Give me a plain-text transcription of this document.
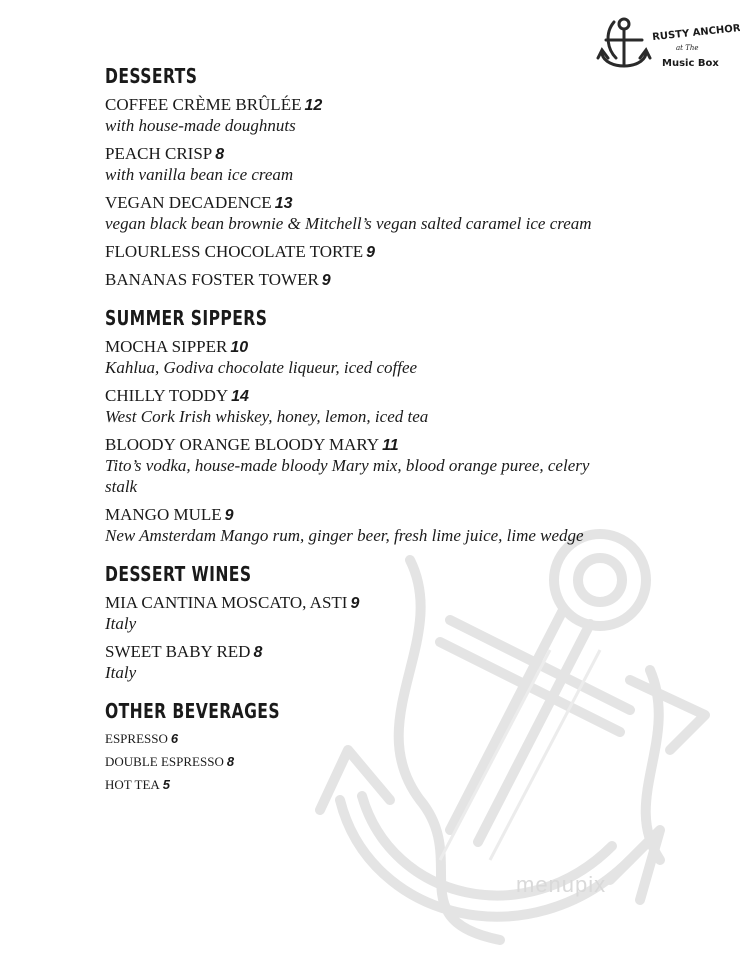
RUSTY ANCHOR
at The
Music Box
menupix
DESSERTS
COFFEE CRÈME BRÛLÉE 12
with house-made doughnuts
PEACH CRISP 8
with vanilla bean ice cream
VEGAN DECADENCE 13
vegan black bean brownie & Mitchell’s vegan salted caramel ice cream
FLOURLESS CHOCOLATE TORTE 9
BANANAS FOSTER TOWER 9
SUMMER SIPPERS
MOCHA SIPPER 10
Kahlua, Godiva chocolate liqueur, iced coffee
CHILLY TODDY 14
West Cork Irish whiskey, honey, lemon, iced tea
BLOODY ORANGE BLOODY MARY 11
Tito’s vodka, house-made bloody Mary mix, blood orange puree, celery stalk
MANGO MULE 9
New Amsterdam Mango rum, ginger beer, fresh lime juice, lime wedge
DESSERT WINES
MIA CANTINA MOSCATO, ASTI 9
Italy
SWEET BABY RED 8
Italy
OTHER BEVERAGES
ESPRESSO 6
DOUBLE ESPRESSO 8
HOT TEA 5
